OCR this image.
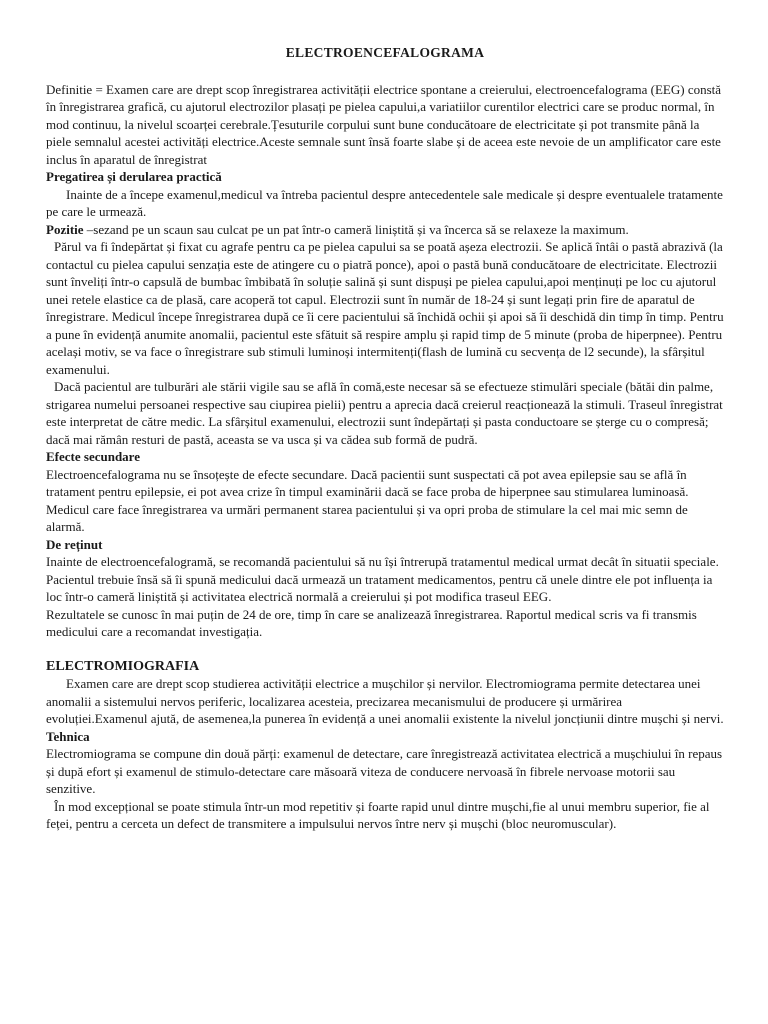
ELECTROENCEFALOGRAMA

Definitie = Examen care are drept scop înregistrarea activității electrice spontane a creierului, electroencefalograma (EEG) constă în înregistrarea grafică, cu ajutorul electrozilor plasați pe pielea capului,a variatiilor curentilor electrici care se produc normal, în mod continuu, la nivelul scoarței cerebrale.Țesuturile corpului sunt bune conducătoare de electricitate și pot transmite până la piele semnalul acestei activități electrice.Aceste semnale sunt însă foarte slabe și de aceea este nevoie de un amplificator care este inclus în aparatul de înregistrat

Pregatirea și derularea practică

Inainte de a începe examenul,medicul va întreba pacientul despre antecedentele sale medicale și despre eventualele tratamente pe care le urmează.

Pozitie –sezand pe un scaun sau culcat pe un pat într-o cameră liniștită și va încerca să se relaxeze la maximum.

Părul va fi îndepărtat și fixat cu agrafe pentru ca pe pielea capului sa se poată așeza electrozii. Se aplică întâi o pastă abrazivă (la contactul cu pielea capului senzația este de atingere cu o piatră ponce), apoi o pastă bună conducătoare de electricitate. Electrozii sunt înveliți într-o capsulă de bumbac îmbibată în soluție salină și sunt dispuși pe pielea capului,apoi menținuți pe loc cu ajutorul unei retele elastice ca de plasă, care acoperă tot capul. Electrozii sunt în număr de 18-24 și sunt legați prin fire de aparatul de înregistrare. Medicul începe înregistrarea după ce îi cere pacientului să închidă ochii și apoi să îi deschidă din timp în timp. Pentru a pune în evidență anumite anomalii, pacientul este sfătuit să respire amplu și rapid timp de 5 minute (proba de hiperpnee). Pentru același motiv, se va face o înregistrare sub stimuli luminoși intermitenți(flash de lumină cu secvența de l2 secunde), la sfârșitul examenului.

Dacă pacientul are tulburări ale stării vigile sau se află în comă,este necesar să se efectueze stimulări speciale (bătăi din palme, strigarea numelui persoanei respective sau ciupirea pielii) pentru a aprecia dacă creierul reacționează la stimuli. Traseul înregistrat este interpretat de către medic. La sfârșitul examenului, electrozii sunt îndepărtați și pasta conductoare se șterge cu o compresă; dacă mai rămân resturi de pastă, aceasta se va usca și va cădea sub formă de pudră.

Efecte secundare

Electroencefalograma nu se însoțește de efecte secundare. Dacă pacientii sunt suspectati că pot avea epilepsie sau se află în tratament pentru epilepsie, ei pot avea crize în timpul examinării dacă se face proba de hiperpnee sau stimularea luminoasă. Medicul care face înregistrarea va urmări permanent starea pacientului și va opri proba de stimulare la cel mai mic semn de alarmă.

De reținut

Inainte de electroencefalogramă, se recomandă pacientului să nu își întrerupă tratamentul medical urmat decât în situatii speciale. Pacientul trebuie însă să îi spună medicului dacă urmează un tratament medicamentos, pentru că unele dintre ele pot influența ia loc într-o cameră liniștită și activitatea electrică normală a creierului și pot modifica traseul EEG.

Rezultatele se cunosc în mai puțin de 24 de ore, timp în care se analizează înregistrarea. Raportul medical scris va fi transmis medicului care a recomandat investigația.

ELECTROMIOGRAFIA

Examen care are drept scop studierea activității electrice a mușchilor și nervilor. Electromiograma permite detectarea unei anomalii a sistemului nervos periferic, localizarea acesteia, precizarea mecanismului de producere și urmărirea evoluției.Examenul ajută, de asemenea,la punerea în evidență a unei anomalii existente la nivelul joncțiunii dintre mușchi și nervi.

Tehnica

Electromiograma se compune din două părți: examenul de detectare, care înregistrează activitatea electrică a mușchiului în repaus și după efort și examenul de stimulo-detectare care măsoară viteza de conducere nervoasă în fibrele nervoase motorii sau senzitive.

În mod excepțional se poate stimula într-un mod repetitiv și foarte rapid unul dintre mușchi,fie al unui membru superior, fie al feței, pentru a cerceta un defect de transmitere a impulsului nervos între nerv și mușchi (bloc neuromuscular).
